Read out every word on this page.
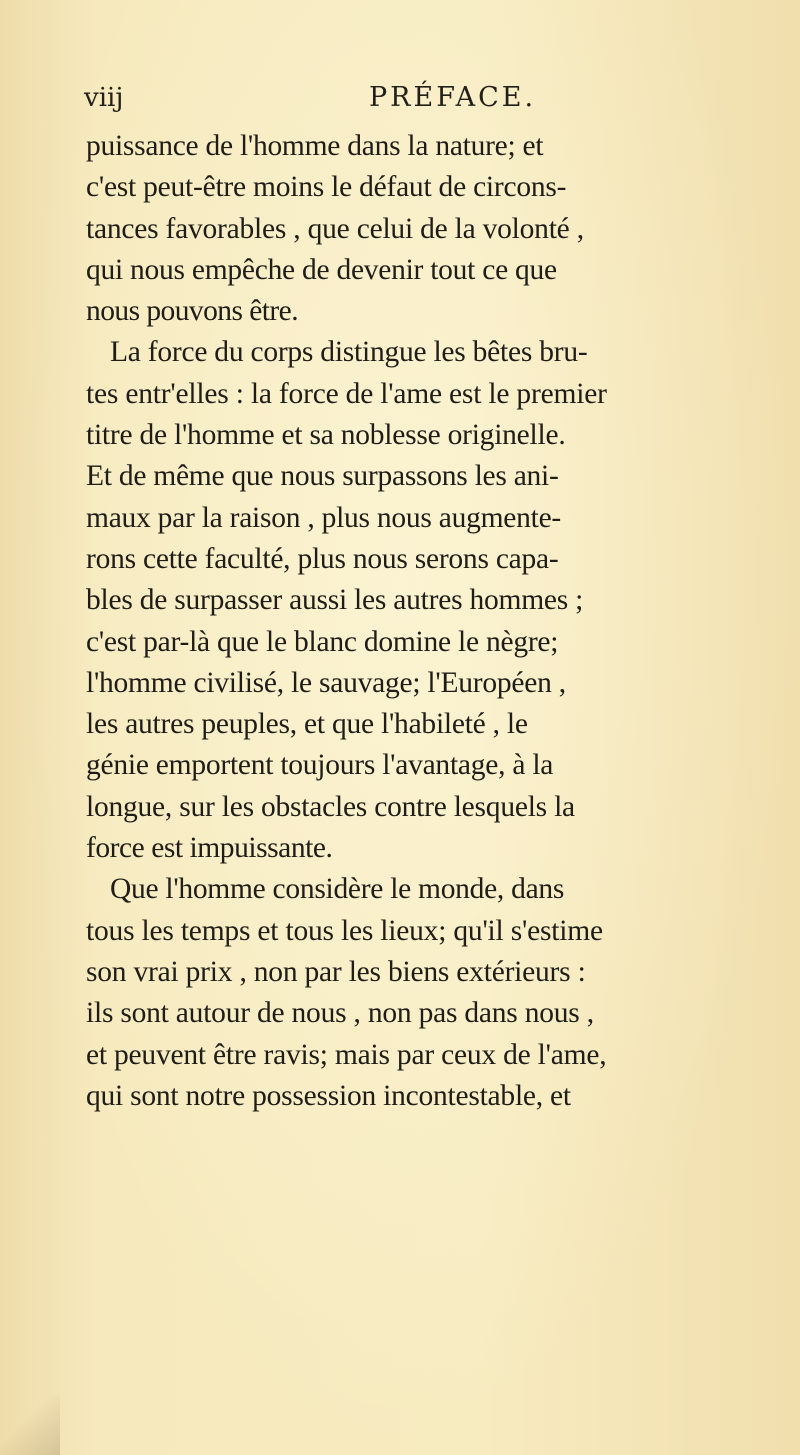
viij	PRÉFACE.
puissance de l'homme dans la nature; et
c'est peut-être moins le défaut de circons-
tances favorables , que celui de la volonté ,
qui nous empêche de devenir tout ce que
nous pouvons être.
La force du corps distingue les bêtes bru-
tes entr'elles : la force de l'ame est le premier
titre de l'homme et sa noblesse originelle.
Et de même que nous surpassons les ani-
maux par la raison , plus nous augmente-
rons cette faculté, plus nous serons capa-
bles de surpasser aussi les autres hommes ;
c'est par-là que le blanc domine le nègre;
l'homme civilisé, le sauvage; l'Européen ,
les autres peuples, et que l'habileté , le
génie emportent toujours l'avantage, à la
longue, sur les obstacles contre lesquels la
force est impuissante.
Que l'homme considère le monde, dans
tous les temps et tous les lieux; qu'il s'estime
son vrai prix , non par les biens extérieurs :
ils sont autour de nous , non pas dans nous ,
et peuvent être ravis; mais par ceux de l'ame,
qui sont notre possession incontestable, et
